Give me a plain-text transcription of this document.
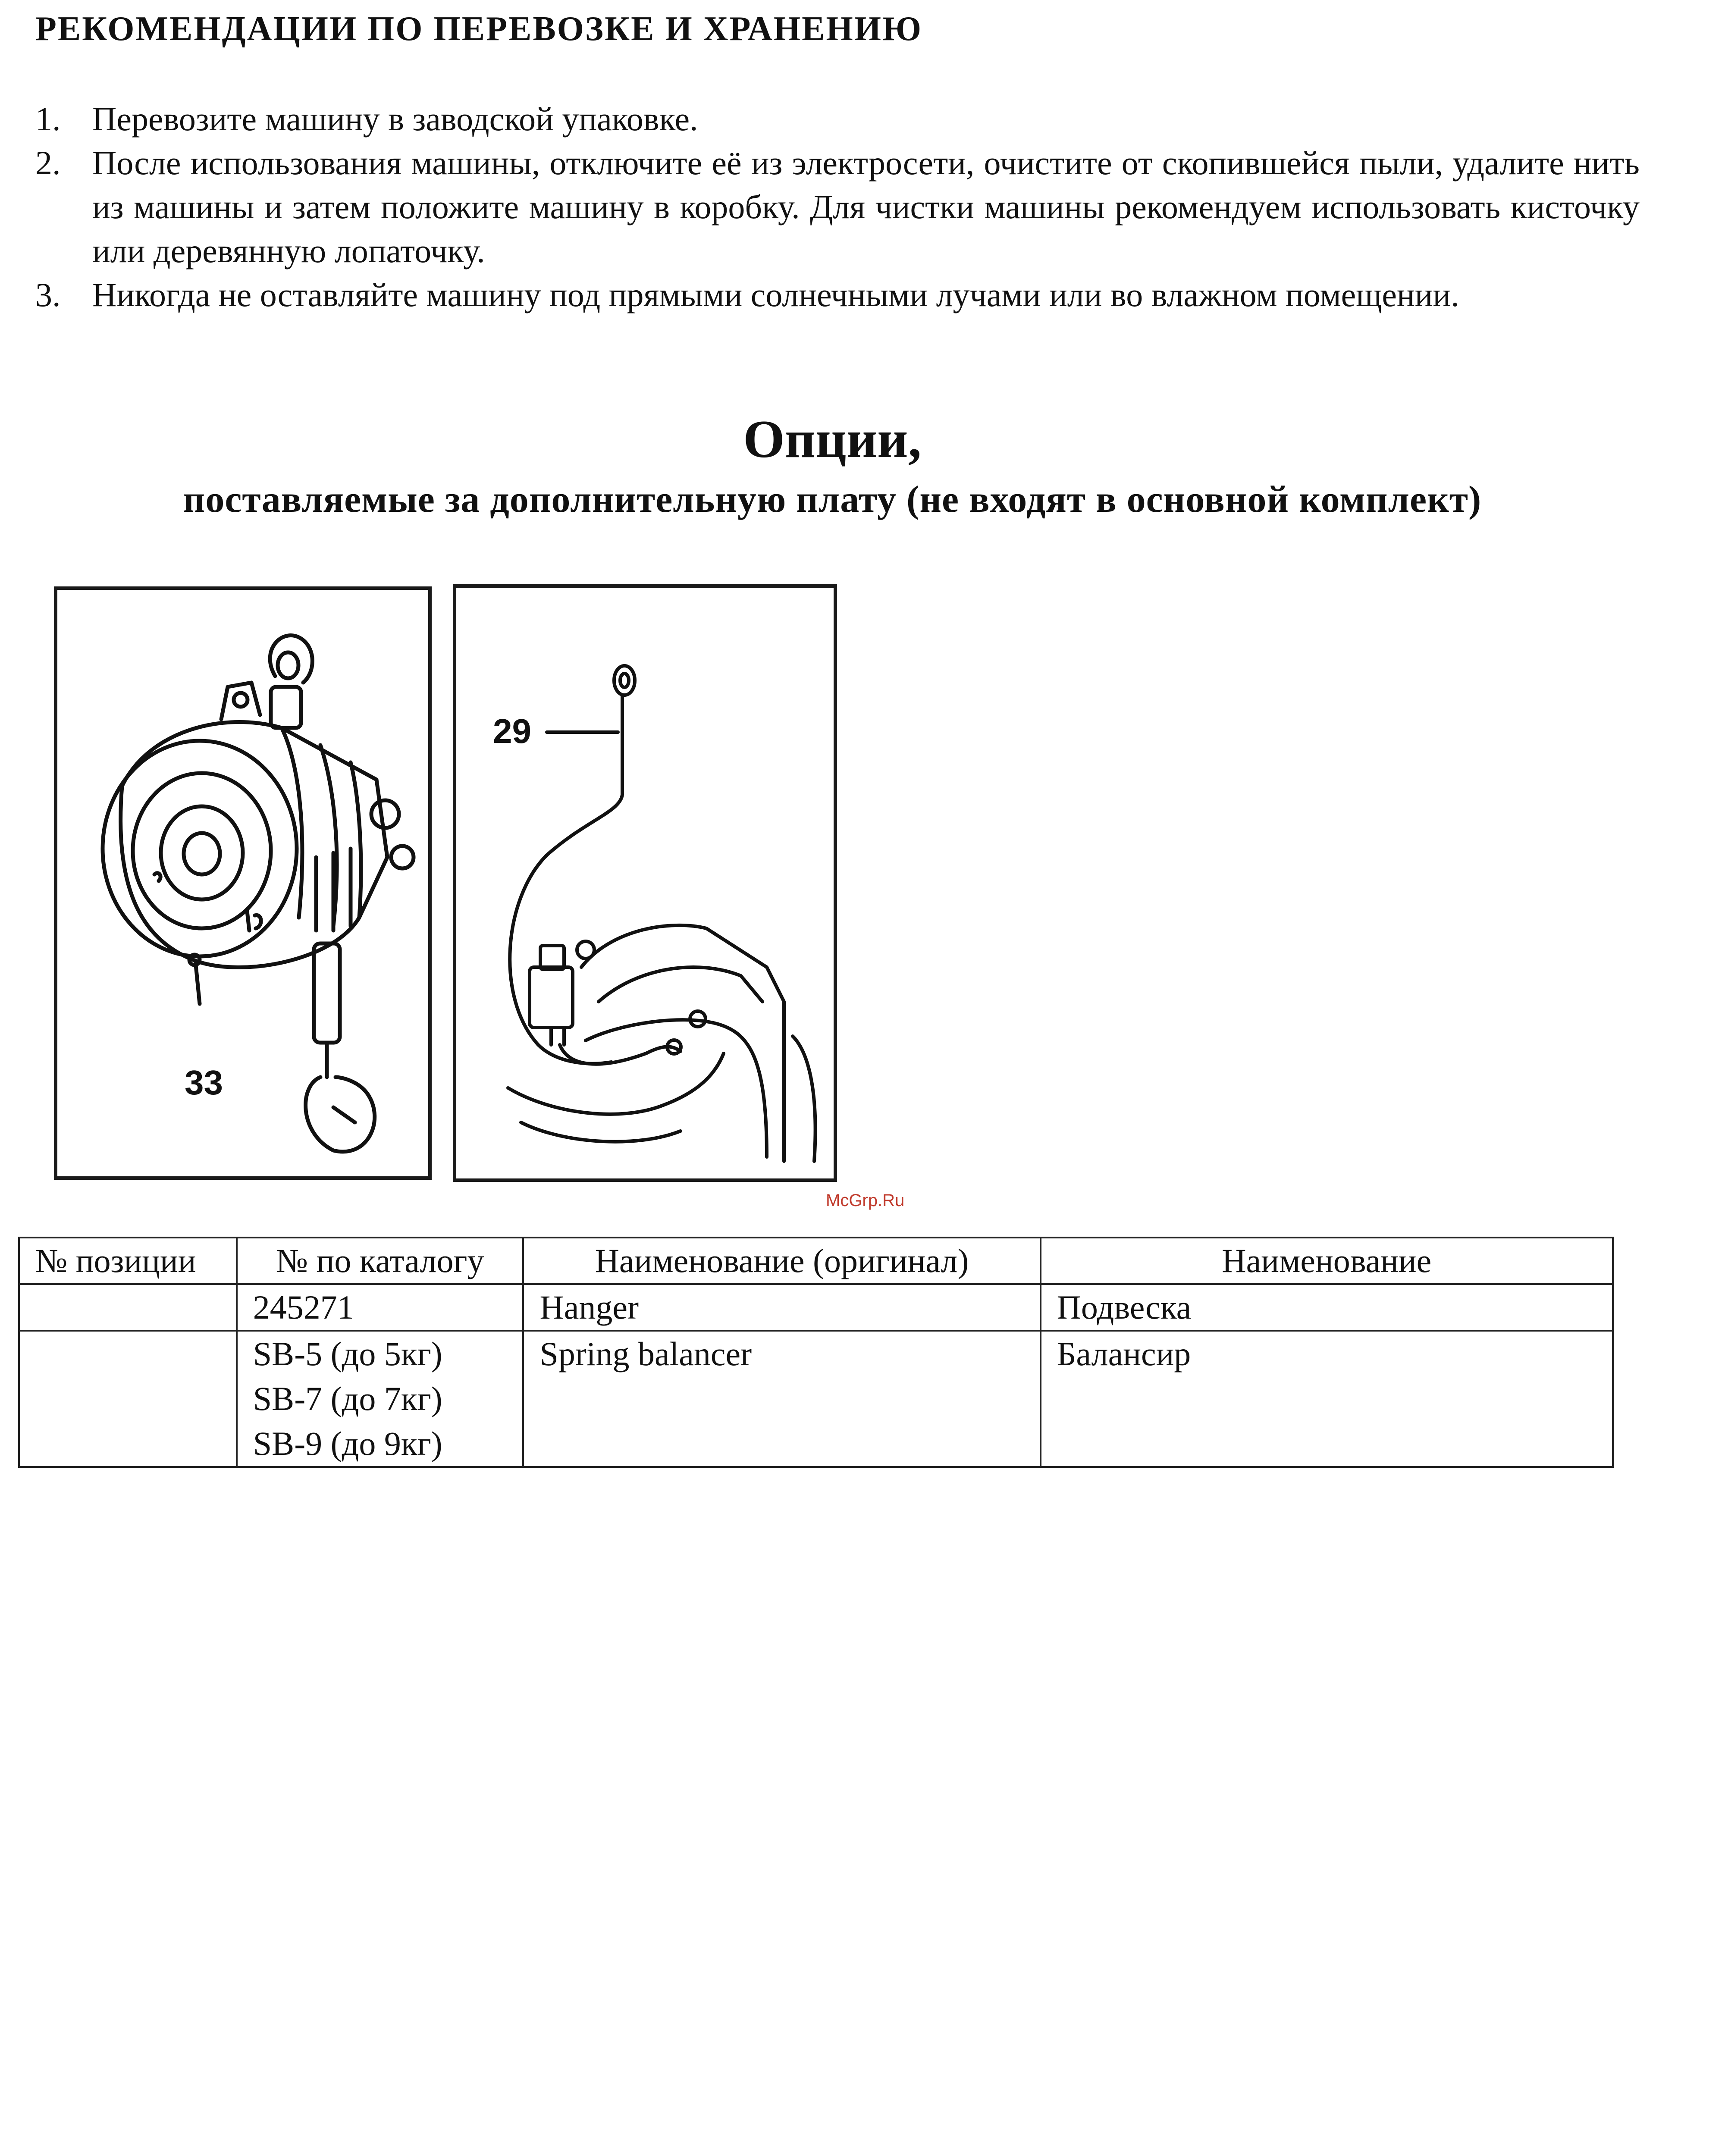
РЕКОМЕНДАЦИИ ПО ПЕРЕВОЗКЕ И ХРАНЕНИЮ
1. Перевозите машину в заводской упаковке.
2. После использования машины, отключите её из электросети, очистите от скопившейся пыли, удалите нить из машины и затем положите машину в коробку. Для чистки машины рекомендуем использовать кисточку или деревянную лопаточку.
3. Никогда не оставляйте машину под прямыми солнечными лучами или во влажном помещении.
Опции,
поставляемые за дополнительную плату (не входят в основной комплект)
33
29
McGrp.Ru
№ позиции	№ по каталогу	Наименование (оригинал)	Наименование

	245271	Hanger	Подвеска

	SB-5 (до 5кг)
SB-7 (до 7кг)
SB-9 (до 9кг)	Spring balancer	Балансир
